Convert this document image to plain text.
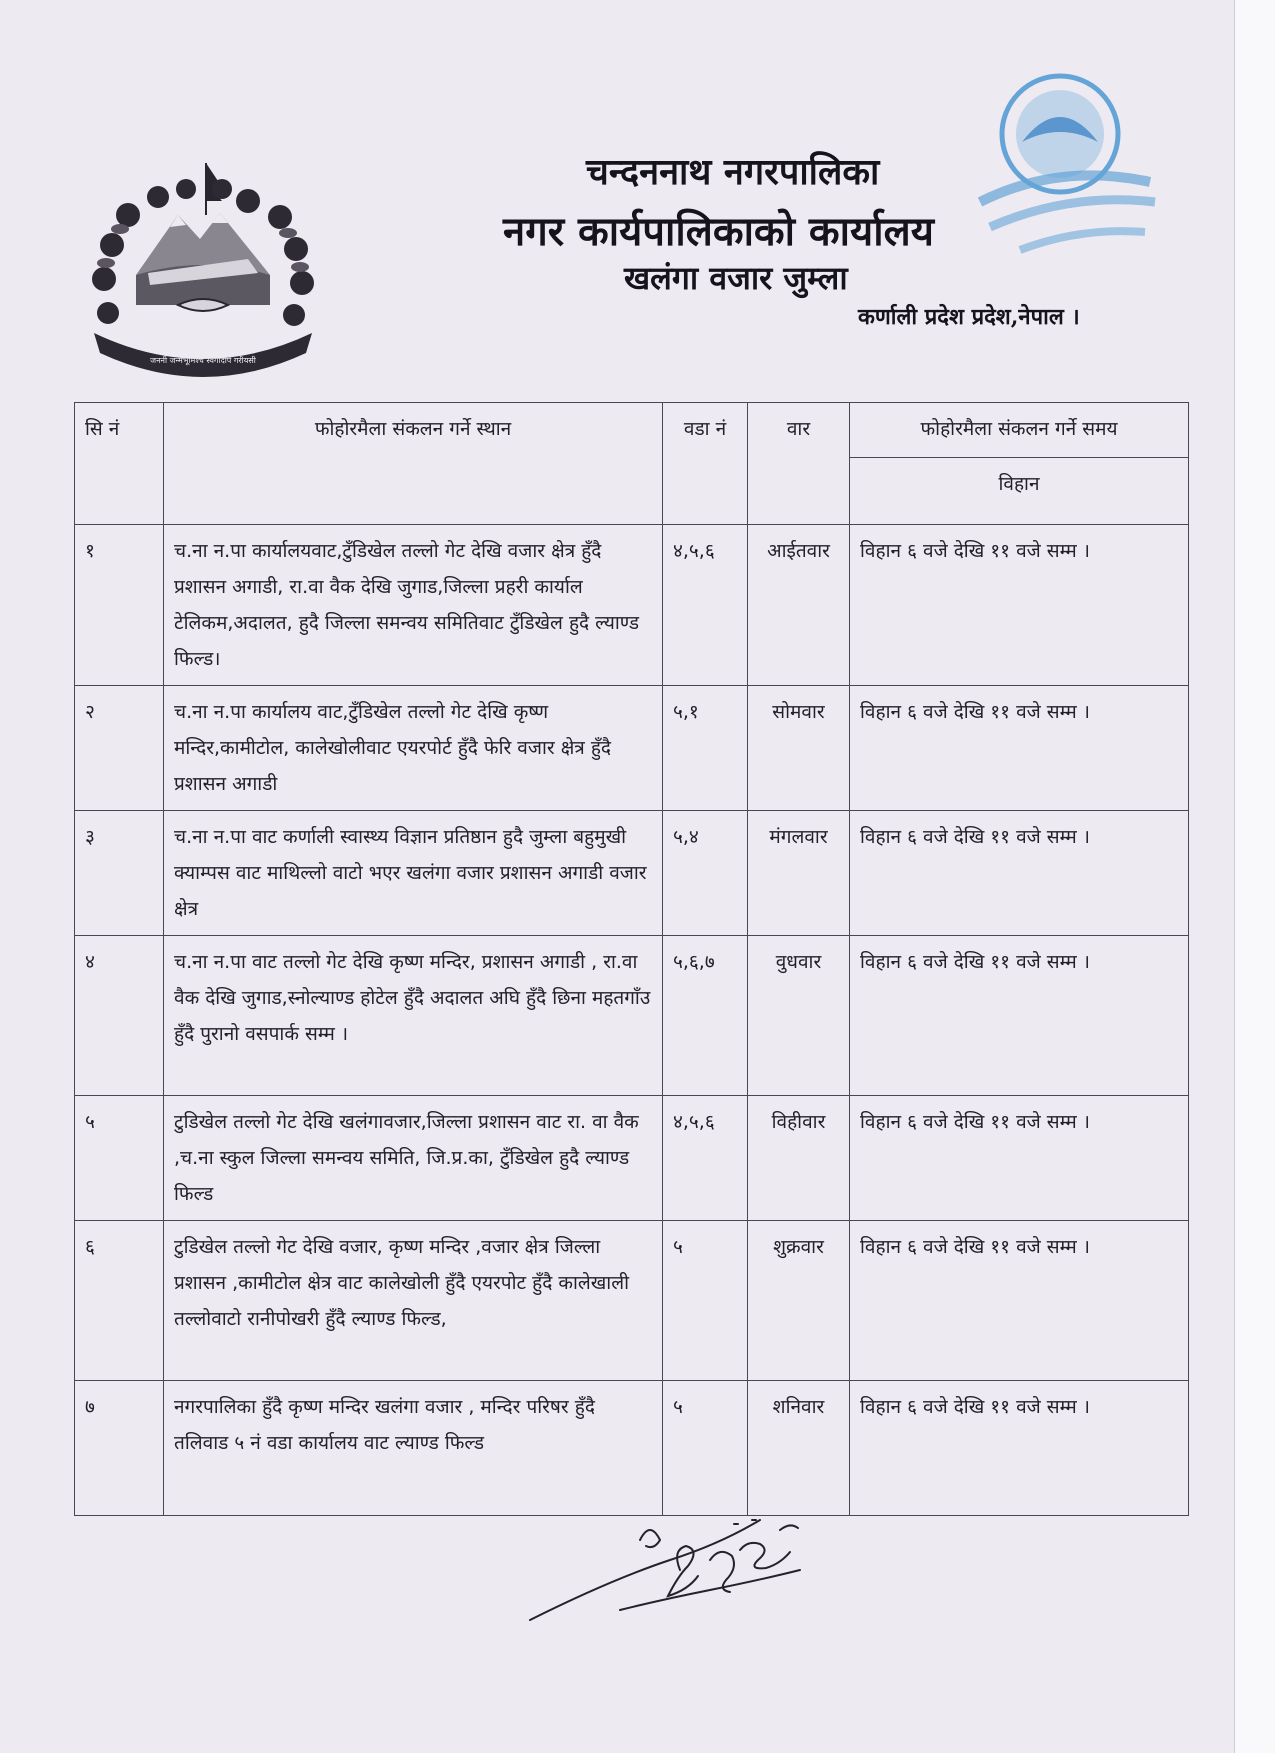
जननी जन्मभूमिश्च स्वर्गादपि गरीयसी
चन्दननाथ नगरपालिका
नगर कार्यपालिकाको कार्यालय
खलंगा वजार जुम्ला
कर्णाली प्रदेश प्रदेश,नेपाल ।
सि नं	फोहोरमैला संकलन गर्ने स्थान	वडा नं	वार	फोहोरमैला संकलन गर्ने समय
				विहान
१	च.ना न.पा कार्यालयवाट,टुँडिखेल तल्लो गेट देखि वजार क्षेत्र हुँदै प्रशासन अगाडी, रा.वा वैक देखि जुगाड,जिल्ला प्रहरी कार्याल टेलिकम,अदालत, हुदै जिल्ला समन्वय समितिवाट टुँडिखेल हुदै ल्याण्ड फिल्ड।	४,५,६	आईतवार	विहान ६ वजे देखि ११ वजे सम्म ।
२	च.ना न.पा कार्यालय वाट,टुँडिखेल तल्लो गेट देखि कृष्ण मन्दिर,कामीटोल, कालेखोलीवाट एयरपोर्ट हुँदै फेरि वजार क्षेत्र हुँदै प्रशासन अगाडी	५,१	सोमवार	विहान ६ वजे देखि ११ वजे सम्म ।
३	च.ना न.पा वाट कर्णाली स्वास्थ्य विज्ञान प्रतिष्ठान हुदै जुम्ला बहुमुखी क्याम्पस वाट माथिल्लो वाटो भएर खलंगा वजार प्रशासन अगाडी वजार क्षेत्र	५,४	मंगलवार	विहान ६ वजे देखि ११ वजे सम्म ।
४	च.ना न.पा वाट तल्लो गेट देखि कृष्ण मन्दिर, प्रशासन अगाडी , रा.वा वैक देखि जुगाड,स्नोल्याण्ड होटेल हुँदै अदालत अघि हुँदै छिना महतगाँउ हुँदै पुरानो वसपार्क सम्म ।	५,६,७	वुधवार	विहान ६ वजे देखि ११ वजे सम्म ।
५	टुडिखेल तल्लो गेट देखि खलंगावजार,जिल्ला प्रशासन वाट रा. वा वैक ,च.ना स्कुल जिल्ला समन्वय समिति, जि.प्र.का, टुँडिखेल हुदै ल्याण्ड फिल्ड	४,५,६	विहीवार	विहान ६ वजे देखि ११ वजे सम्म ।
६	टुडिखेल तल्लो गेट देखि वजार, कृष्ण मन्दिर ,वजार क्षेत्र जिल्ला प्रशासन ,कामीटोल क्षेत्र वाट कालेखोली हुँदै एयरपोट हुँदै कालेखाली तल्लोवाटो रानीपोखरी हुँदै ल्याण्ड फिल्ड,	५	शुक्रवार	विहान ६ वजे देखि ११ वजे सम्म ।
७	नगरपालिका हुँदै कृष्ण मन्दिर खलंगा वजार , मन्दिर परिषर हुँदै तलिवाड ५ नं वडा कार्यालय वाट ल्याण्ड फिल्ड	५	शनिवार	विहान ६ वजे देखि ११ वजे सम्म ।
